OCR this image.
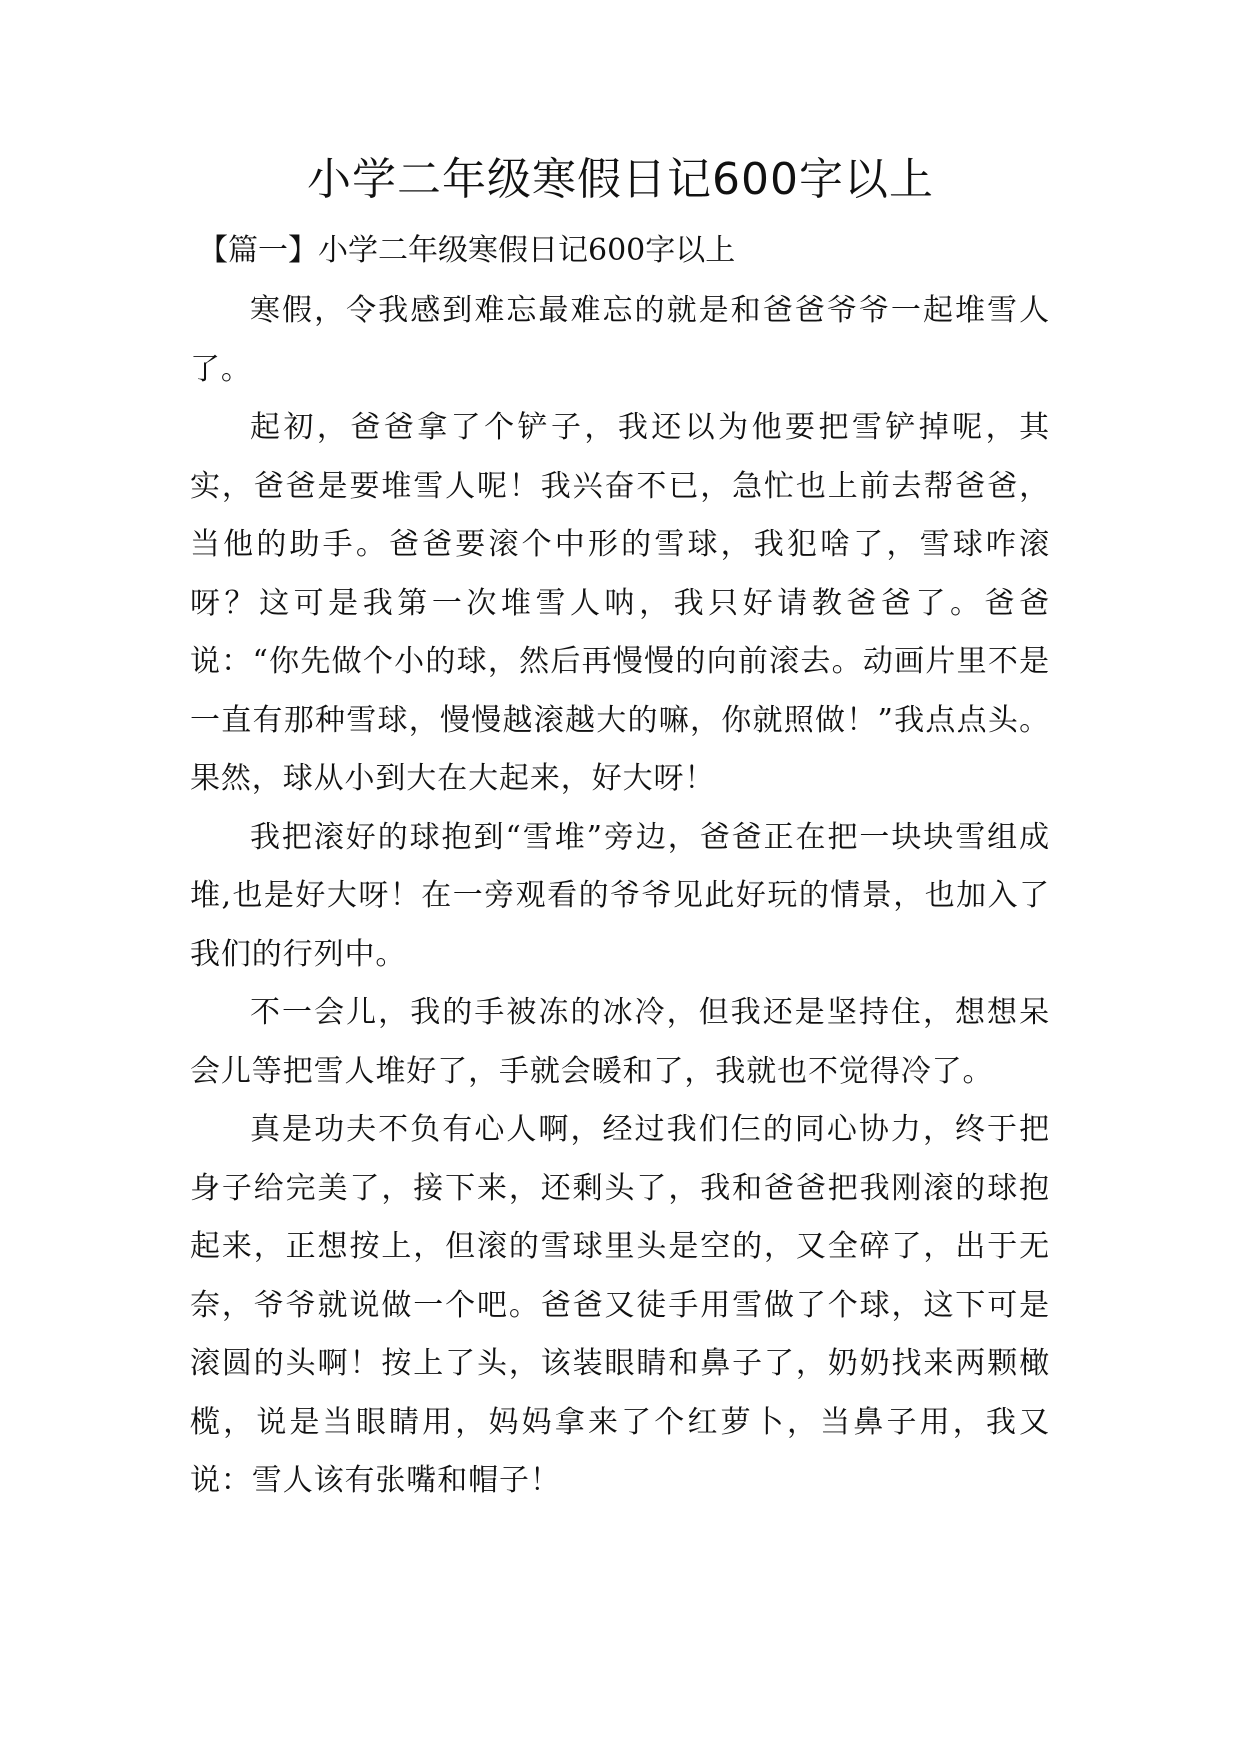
小学二年级寒假日记600字以上
【篇一】小学二年级寒假日记600字以上

寒假，令我感到难忘最难忘的就是和爸爸爷爷一起堆雪人了。

起初，爸爸拿了个铲子，我还以为他要把雪铲掉呢，其实，爸爸是要堆雪人呢！我兴奋不已，急忙也上前去帮爸爸，当他的助手。爸爸要滚个中形的雪球，我犯啥了，雪球咋滚呀？这可是我第一次堆雪人呐，我只好请教爸爸了。爸爸说：“你先做个小的球，然后再慢慢的向前滚去。动画片里不是一直有那种雪球，慢慢越滚越大的嘛，你就照做！”我点点头。果然，球从小到大在大起来，好大呀！

我把滚好的球抱到“雪堆”旁边，爸爸正在把一块块雪组成堆,也是好大呀！在一旁观看的爷爷见此好玩的情景，也加入了我们的行列中。

不一会儿，我的手被冻的冰冷，但我还是坚持住，想想呆会儿等把雪人堆好了，手就会暖和了，我就也不觉得冷了。

真是功夫不负有心人啊，经过我们仨的同心协力，终于把身子给完美了，接下来，还剩头了，我和爸爸把我刚滚的球抱起来，正想按上，但滚的雪球里头是空的，又全碎了，出于无奈，爷爷就说做一个吧。爸爸又徒手用雪做了个球，这下可是滚圆的头啊！按上了头，该装眼睛和鼻子了，奶奶找来两颗橄榄，说是当眼睛用，妈妈拿来了个红萝卜，当鼻子用，我又说：雪人该有张嘴和帽子！
